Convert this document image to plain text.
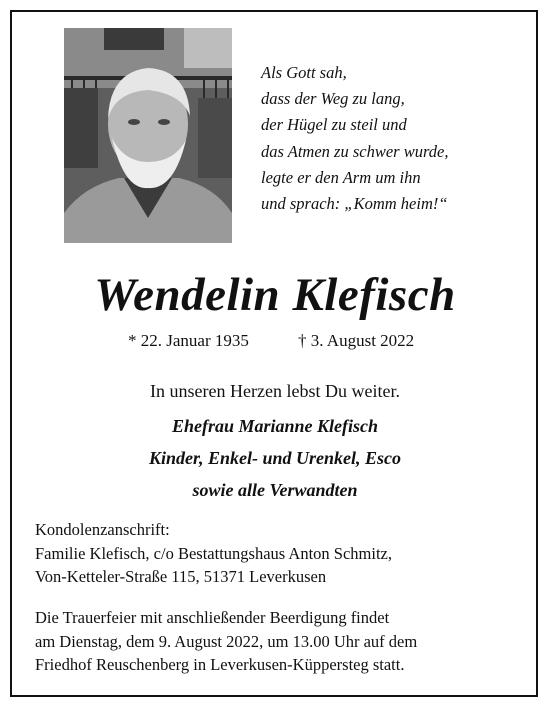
Als Gott sah,
dass der Weg zu lang,
der Hügel zu steil und
das Atmen zu schwer wurde,
legte er den Arm um ihn
und sprach: „Komm heim!“
Wendelin Klefisch
* 22. Januar 1935	† 3. August 2022
In unseren Herzen lebst Du weiter.
Ehefrau Marianne Klefisch
Kinder, Enkel- und Urenkel, Esco
sowie alle Verwandten
Kondolenzanschrift:
Familie Klefisch, c/o Bestattungshaus Anton Schmitz,
Von-Ketteler-Straße 115, 51371 Leverkusen
Die Trauerfeier mit anschließender Beerdigung findet
am Dienstag, dem 9. August 2022, um 13.00 Uhr auf dem
Friedhof Reuschenberg in Leverkusen-Küppersteg statt.
